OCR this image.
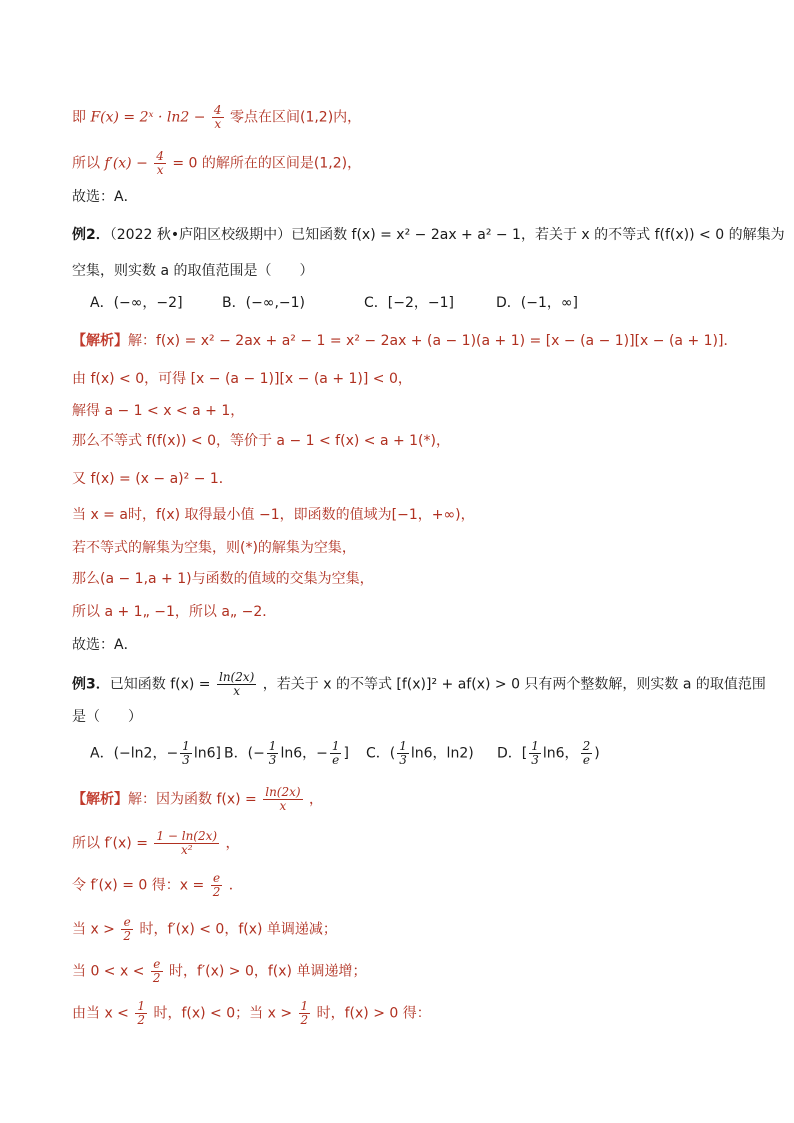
即 F(x) = 2ˣ · $\ln 2 - \frac{4}{x}$ 零点在区间(1,2)内，
所以 $f'(x) - \frac{4}{x} = 0$ 的解所在的区间是(1,2)，
故选：A．
例2．（2022 秋•庐阳区校级期中）已知函数 f(x) = x² − 2ax + a² − 1，若关于 x 的不等式 f(f(x)) < 0 的解集为
空集，则实数 a 的取值范围是（　　）
A．(−∞，−2]	B．(−∞,−1)	C．[−2，−1]	D．(−1，∞]
【解析】解：f(x) = x² − 2ax + a² − 1 = x² − 2ax + (a − 1)(a + 1) = [x − (a − 1)][x − (a + 1)]．
由 f(x) < 0，可得 [x − (a − 1)][x − (a + 1)] < 0，
解得 a − 1 < x < a + 1，
那么不等式 f(f(x)) < 0，等价于 a − 1 < f(x) < a + 1(*)，
又 f(x) = (x − a)² − 1．
当 x = a时，f(x) 取得最小值 −1，即函数的值域为[−1，+∞)，
若不等式的解集为空集，则(*)的解集为空集，
那么(a − 1,a + 1)与函数的值域的交集为空集，
所以 a + 1„ −1，所以 a„ −2．
故选：A．
例3．已知函数 $f(x) = \frac{\ln(2x)}{x}$ ，若关于 x 的不等式 [f(x)]² + af(x) > 0 只有两个整数解，则实数 a 的取值范围
是（　　）
A．(−ln2，− $\frac{1}{3} \ln 6$] B．(− $\frac{1}{3} \ln 6$，− $\frac{1}{e}$ ] C．( $\frac{1}{3} \ln 6$，ln2) D．[ $\frac{1}{3} \ln 6$， $\frac{2}{e}$ )
【解析】解：因为函数 $f(x) = \frac{\ln(2x)}{x}$ ，
所以 $f'(x) = \frac{1 - \ln(2x)}{\text{x²}}$ ，
令 f′(x) = 0 得：$x = \frac{e}{2}$ ．
当 $x > \frac{e}{2}$ 时，f′(x) < 0，f(x) 单调递减；
当 $0 < x < \frac{e}{2}$ 时，f′(x) > 0，f(x) 单调递增；
由当 $x < \frac{1}{2}$ 时，f(x) < 0；当 $x > \frac{1}{2}$ 时，f(x) > 0 得：
